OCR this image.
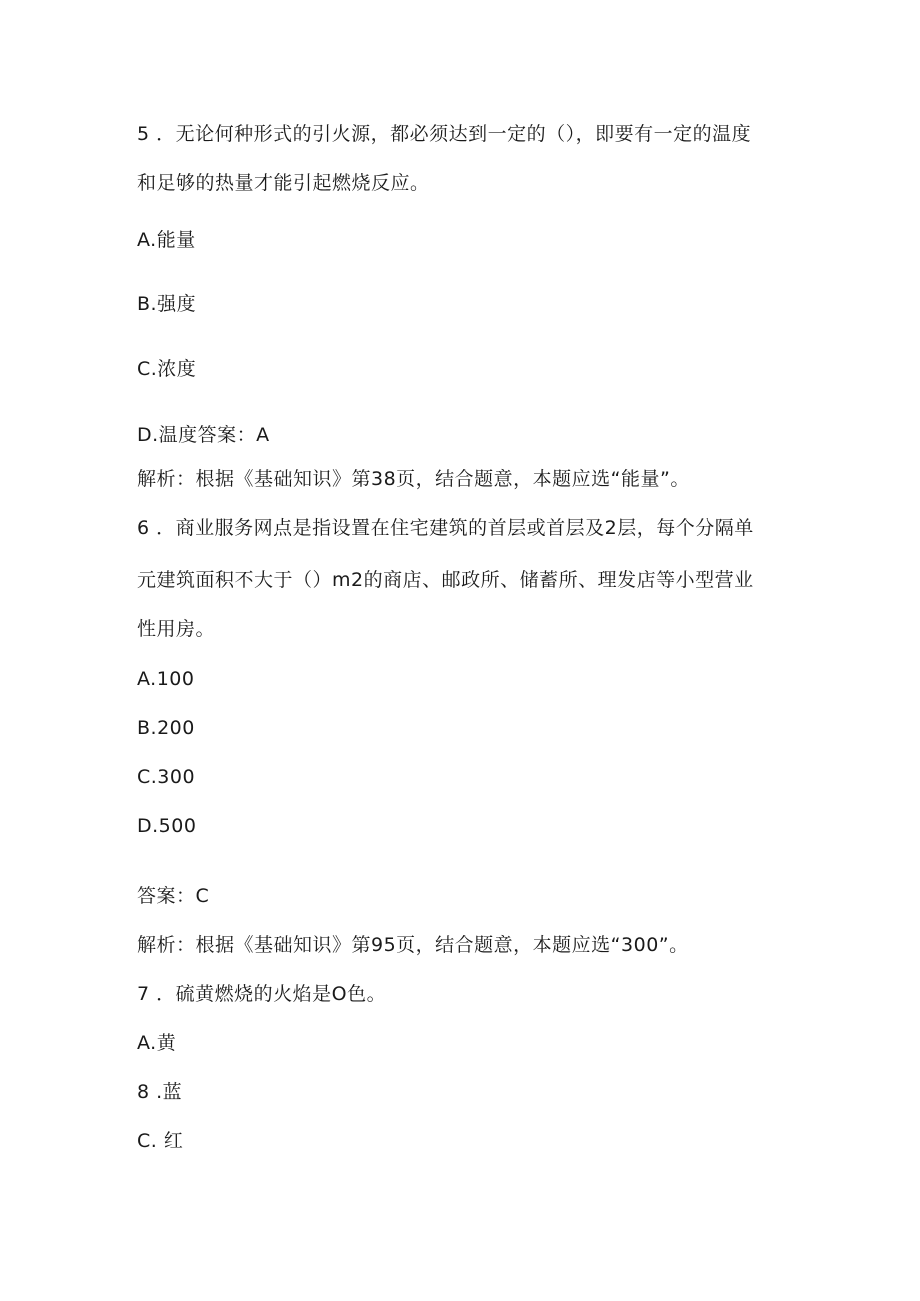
5 ．无论何种形式的引火源，都必须达到一定的（），即要有一定的温度
和足够的热量才能引起燃烧反应。
A.能量
B.强度
C.浓度
D.温度答案：A
解析：根据《基础知识》第38页，结合题意，本题应选“能量”。
6 ．商业服务网点是指设置在住宅建筑的首层或首层及2层，每个分隔单
元建筑面积不大于（）m2的商店、邮政所、储蓄所、理发店等小型营业
性用房。
A.100
B.200
C.300
D.500
答案：C
解析：根据《基础知识》第95页，结合题意，本题应选“300”。
7 ．硫黄燃烧的火焰是O色。
A.黄
8 .蓝
C. 红
